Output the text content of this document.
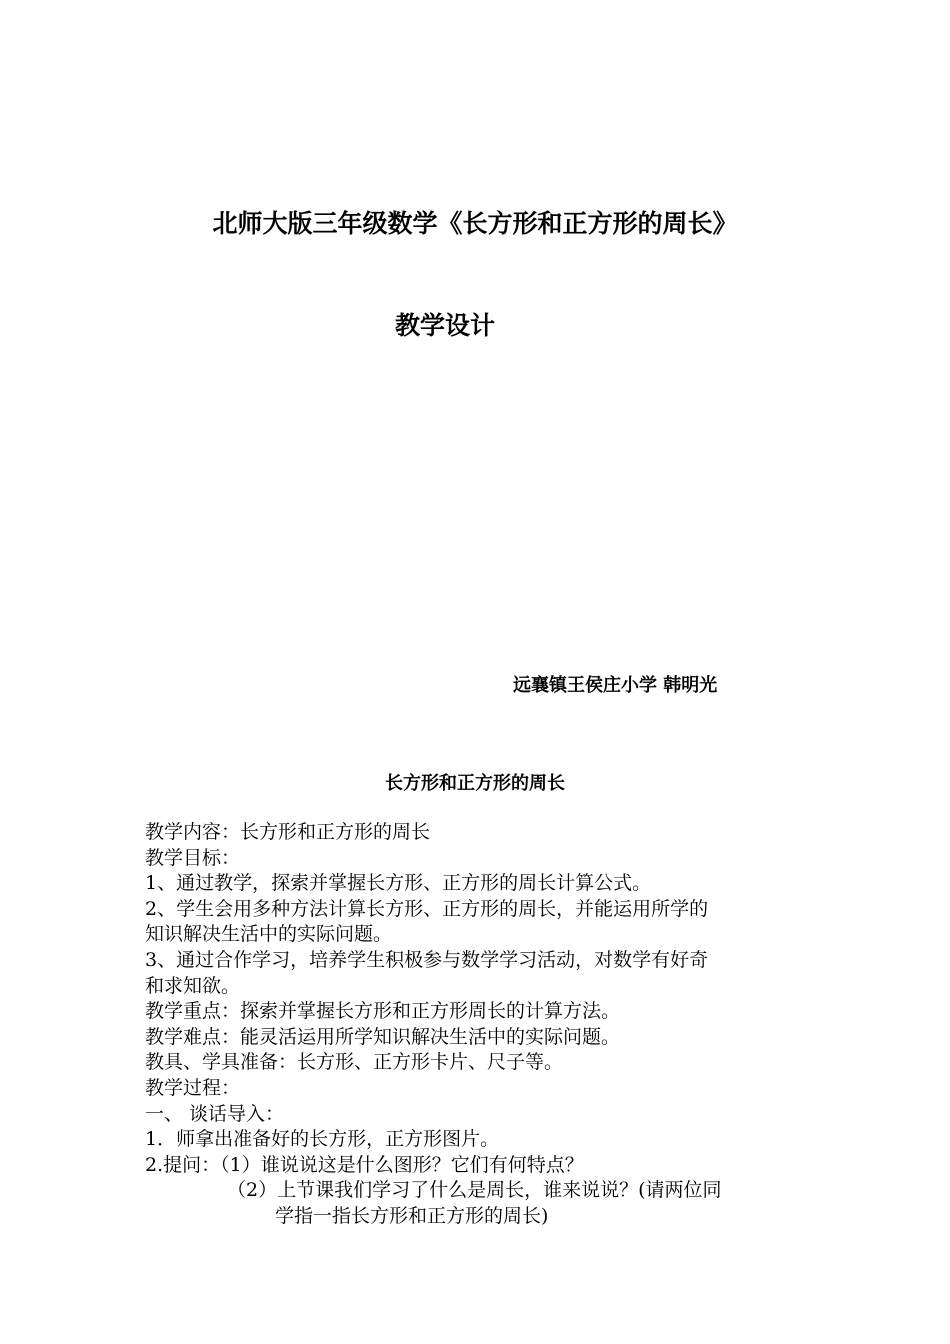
北师大版三年级数学《长方形和正方形的周长》
教学设计
远襄镇王侯庄小学 韩明光
长方形和正方形的周长
教学内容：长方形和正方形的周长
教学目标：
1、通过教学，探索并掌握长方形、正方形的周长计算公式。
2、学生会用多种方法计算长方形、正方形的周长，并能运用所学的
知识解决生活中的实际问题。
3、通过合作学习，培养学生积极参与数学学习活动，对数学有好奇
和求知欲。
教学重点：探索并掌握长方形和正方形周长的计算方法。
教学难点：能灵活运用所学知识解决生活中的实际问题。
教具、学具准备：长方形、正方形卡片、尺子等。
教学过程：
一、 谈话导入：
1．师拿出准备好的长方形，正方形图片。
2.提问：（1）谁说说这是什么图形？它们有何特点？
（2）上节课我们学习了什么是周长，谁来说说？(请两位同
学指一指长方形和正方形的周长)
